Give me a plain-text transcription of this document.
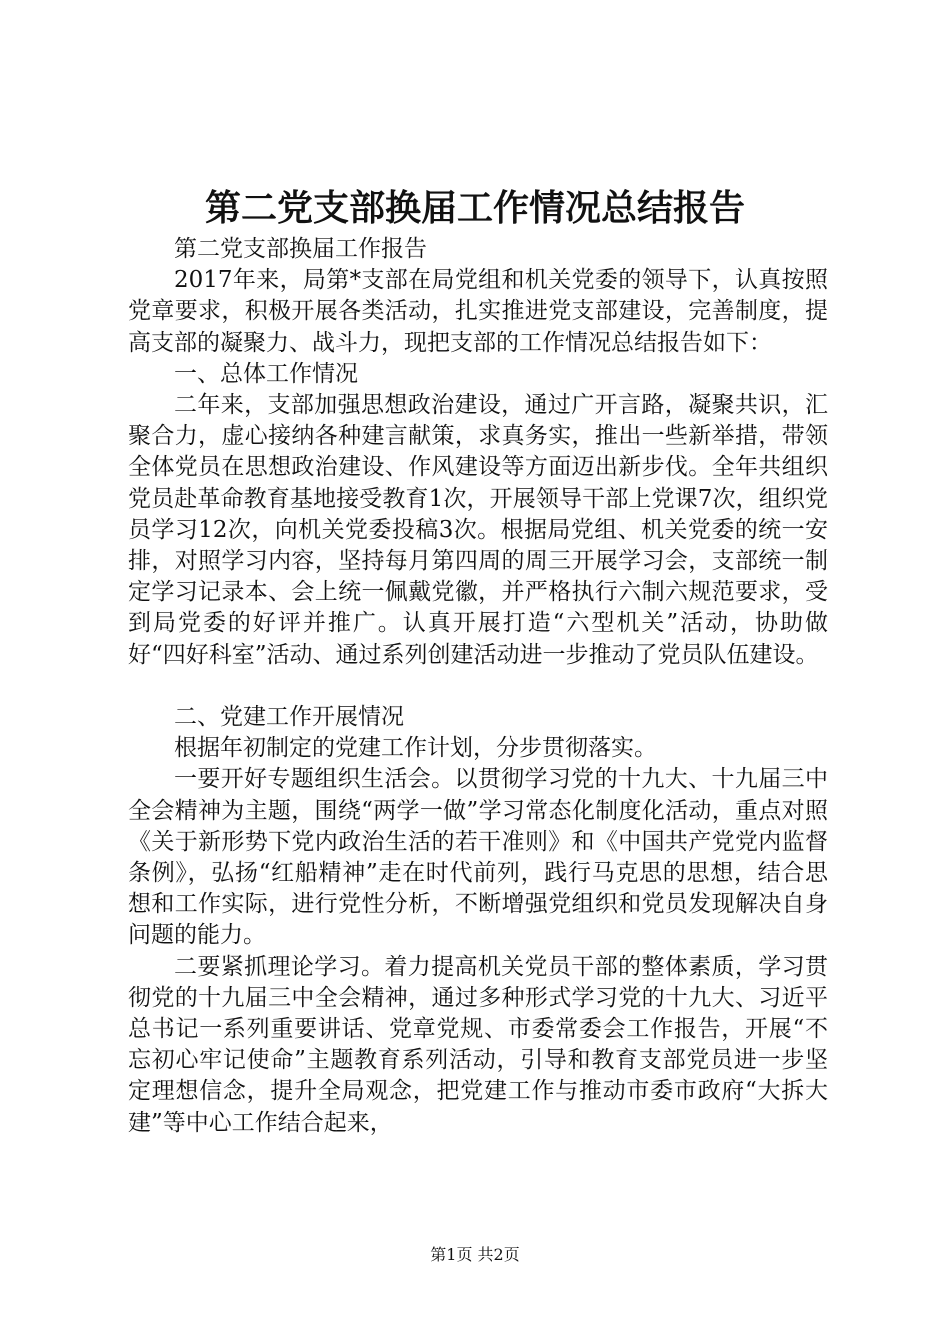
第二党支部换届工作情况总结报告

第二党支部换届工作报告

2017年来，局第*支部在局党组和机关党委的领导下，认真按照党章要求，积极开展各类活动，扎实推进党支部建设，完善制度，提高支部的凝聚力、战斗力，现把支部的工作情况总结报告如下：

一、总体工作情况

二年来，支部加强思想政治建设，通过广开言路，凝聚共识，汇聚合力，虚心接纳各种建言献策，求真务实，推出一些新举措，带领全体党员在思想政治建设、作风建设等方面迈出新步伐。全年共组织党员赴革命教育基地接受教育1次，开展领导干部上党课7次，组织党员学习12次，向机关党委投稿3次。根据局党组、机关党委的统一安排，对照学习内容，坚持每月第四周的周三开展学习会，支部统一制定学习记录本、会上统一佩戴党徽，并严格执行六制六规范要求，受到局党委的好评并推广。认真开展打造“六型机关”活动，协助做好“四好科室”活动、通过系列创建活动进一步推动了党员队伍建设。

二、党建工作开展情况

根据年初制定的党建工作计划，分步贯彻落实。

一要开好专题组织生活会。以贯彻学习党的十九大、十九届三中全会精神为主题，围绕“两学一做”学习常态化制度化活动，重点对照《关于新形势下党内政治生活的若干准则》和《中国共产党党内监督条例》，弘扬“红船精神”走在时代前列，践行马克思的思想，结合思想和工作实际，进行党性分析，不断增强党组织和党员发现解决自身问题的能力。

二要紧抓理论学习。着力提高机关党员干部的整体素质，学习贯彻党的十九届三中全会精神，通过多种形式学习党的十九大、习近平总书记一系列重要讲话、党章党规、市委常委会工作报告，开展“不忘初心牢记使命”主题教育系列活动，引导和教育支部党员进一步坚定理想信念，提升全局观念，把党建工作与推动市委市政府“大拆大建”等中心工作结合起来，

第1页 共2页
